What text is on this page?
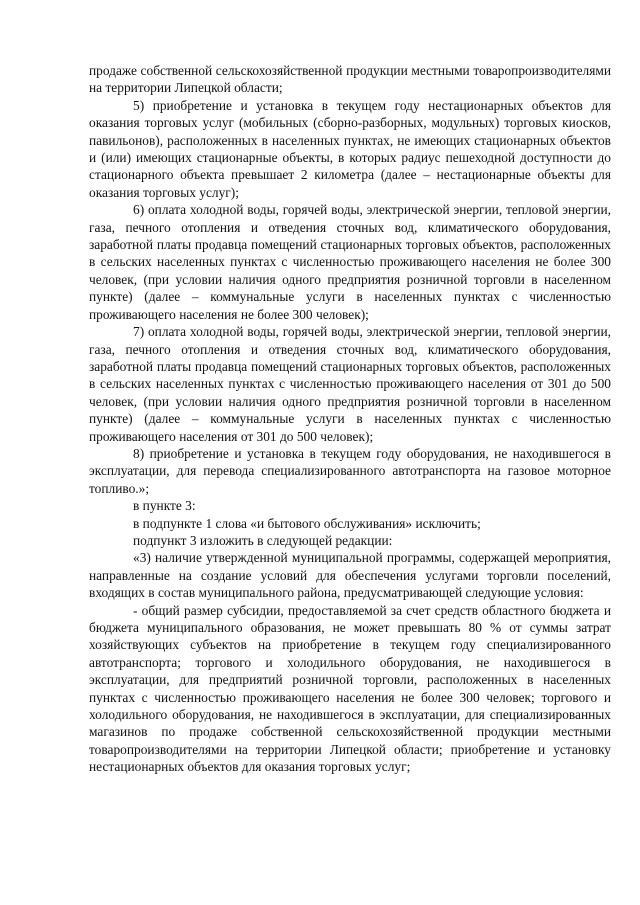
продаже собственной сельскохозяйственной продукции местными товаропроизводителями на территории Липецкой области;

5) приобретение и установка в текущем году нестационарных объектов для оказания торговых услуг (мобильных (сборно-разборных, модульных) торговых киосков, павильонов), расположенных в населенных пунктах, не имеющих стационарных объектов и (или) имеющих стационарные объекты, в которых радиус пешеходной доступности до стационарного объекта превышает 2 километра (далее – нестационарные объекты для оказания торговых услуг);

6) оплата холодной воды, горячей воды, электрической энергии, тепловой энергии, газа, печного отопления и отведения сточных вод, климатического оборудования, заработной платы продавца помещений стационарных торговых объектов, расположенных в сельских населенных пунктах с численностью проживающего населения не более 300 человек, (при условии наличия одного предприятия розничной торговли в населенном пункте) (далее – коммунальные услуги в населенных пунктах с численностью проживающего населения не более 300 человек);

7) оплата холодной воды, горячей воды, электрической энергии, тепловой энергии, газа, печного отопления и отведения сточных вод, климатического оборудования, заработной платы продавца помещений стационарных торговых объектов, расположенных в сельских населенных пунктах с численностью проживающего населения от 301 до 500 человек, (при условии наличия одного предприятия розничной торговли в населенном пункте) (далее – коммунальные услуги в населенных пунктах с численностью проживающего населения от 301 до 500 человек);

8) приобретение и установка в текущем году оборудования, не находившегося в эксплуатации, для перевода специализированного автотранспорта на газовое моторное топливо.»;

в пункте 3:

в подпункте 1 слова «и бытового обслуживания» исключить;

подпункт 3 изложить в следующей редакции:

«3) наличие утвержденной муниципальной программы, содержащей мероприятия, направленные на создание условий для обеспечения услугами торговли поселений, входящих в состав муниципального района, предусматривающей следующие условия:

- общий размер субсидии, предоставляемой за счет средств областного бюджета и бюджета муниципального образования, не может превышать 80 % от суммы затрат хозяйствующих субъектов на приобретение в текущем году специализированного автотранспорта; торгового и холодильного оборудования, не находившегося в эксплуатации, для предприятий розничной торговли, расположенных в населенных пунктах с численностью проживающего населения не более 300 человек; торгового и холодильного оборудования, не находившегося в эксплуатации, для специализированных магазинов по продаже собственной сельскохозяйственной продукции местными товаропроизводителями на территории Липецкой области; приобретение и установку нестационарных объектов для оказания торговых услуг;
